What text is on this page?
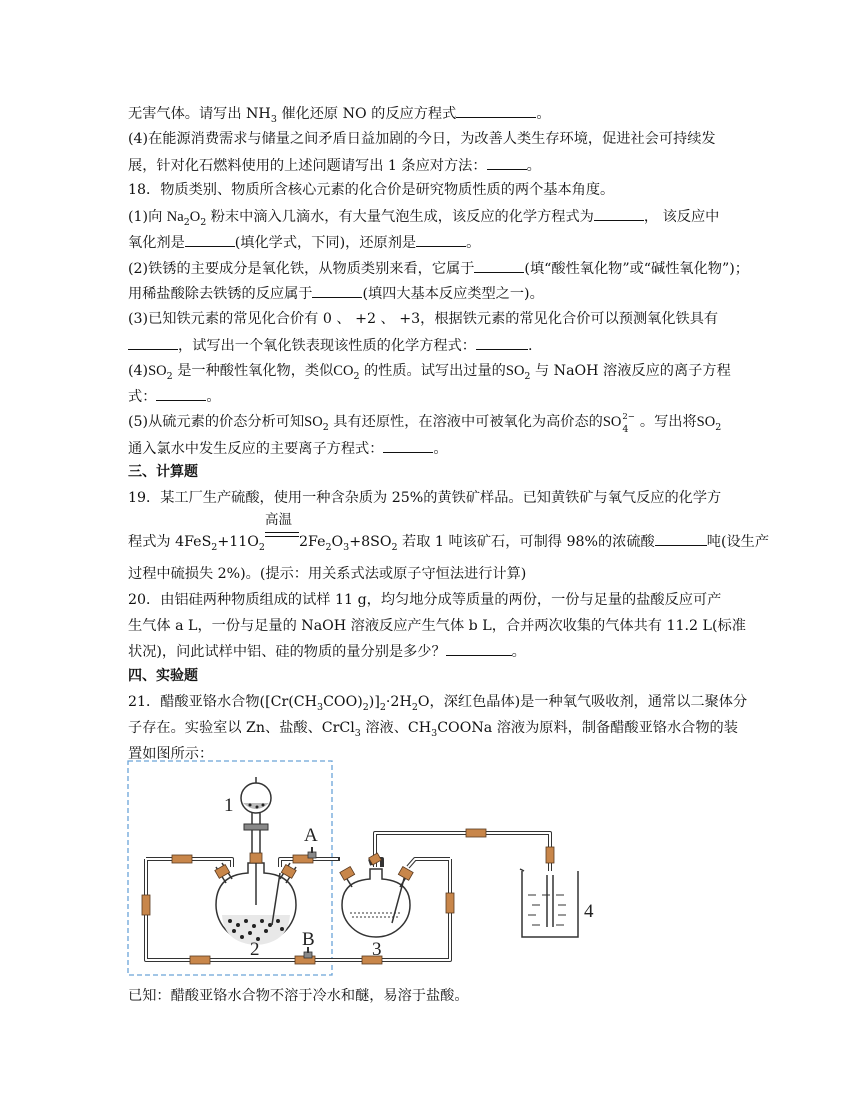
无害气体。请写出 $NH_3$ 催化还原 NO 的反应方程式	。
(4)在能源消费需求与储量之间矛盾日益加剧的今日，为改善人类生存环境，促进社会可持续发
展，针对化石燃料使用的上述问题请写出 1 条应对方法：	。
18．物质类别、物质所含核心元素的化合价是研究物质性质的两个基本角度。
(1)向 $Na_2O_2$ 粉末中滴入几滴水，有大量气泡生成，该反应的化学方程式为	， 该反应中
氧化剂是	(填化学式，下同)，还原剂是	。
(2)铁锈的主要成分是氧化铁，从物质类别来看，它属于	(填“酸性氧化物”或“碱性氧化物”)；
用稀盐酸除去铁锈的反应属于	(填四大基本反应类型之一)。
(3)已知铁元素的常见化合价有 0 、 +2 、 +3，根据铁元素的常见化合价可以预测氧化铁具有
，试写出一个氧化铁表现该性质的化学方程式：	.
$(4)SO_2$ 是一种酸性氧化物，类似$CO_2$ 的性质。试写出过量的$SO_2$ 与 NaOH 溶液反应的离子方程
式：	。
(5)从硫元素的价态分析可知$SO_2$ 具有还原性，在溶液中可被氧化为高价态的SO 2−
4 。写出将$SO_2$
通入氯水中发生反应的主要离子方程式：	。
三、计算题
19．某工厂生产硫酸，使用一种含杂质为 25%的黄铁矿样品。已知黄铁矿与氧气反应的化学方
程式为 $4FeS_2+11O_2$
高温
$2Fe_2O_3+8SO_2$ 若取 1 吨该矿石，可制得 98%的浓硫酸	吨(设生产
过程中硫损失 2%)。(提示：用关系式法或原子守恒法进行计算)
20．由铝硅两种物质组成的试样 11 g，均匀地分成等质量的两份，一份与足量的盐酸反应可产
生气体 a L，一份与足量的 NaOH 溶液反应产生气体 b L，合并两次收集的气体共有 11.2 L(标准
状况)，问此试样中铝、硅的物质的量分别是多少？	。
四、实验题
21．醋酸亚铬水合物$([Cr(CH_3COO)_2)]_2\cdot 2H_2O$，深红色晶体)是一种氧气吸收剂，通常以二聚体分
子存在。实验室以 Zn、盐酸、CrCl$_3$ 溶液、$CH_3COONa$ 溶液为原料，制备醋酸亚铬水合物的装
置如图所示：
已知：醋酸亚铬水合物不溶于冷水和醚，易溶于盐酸。
1
2	3
4
A
B
